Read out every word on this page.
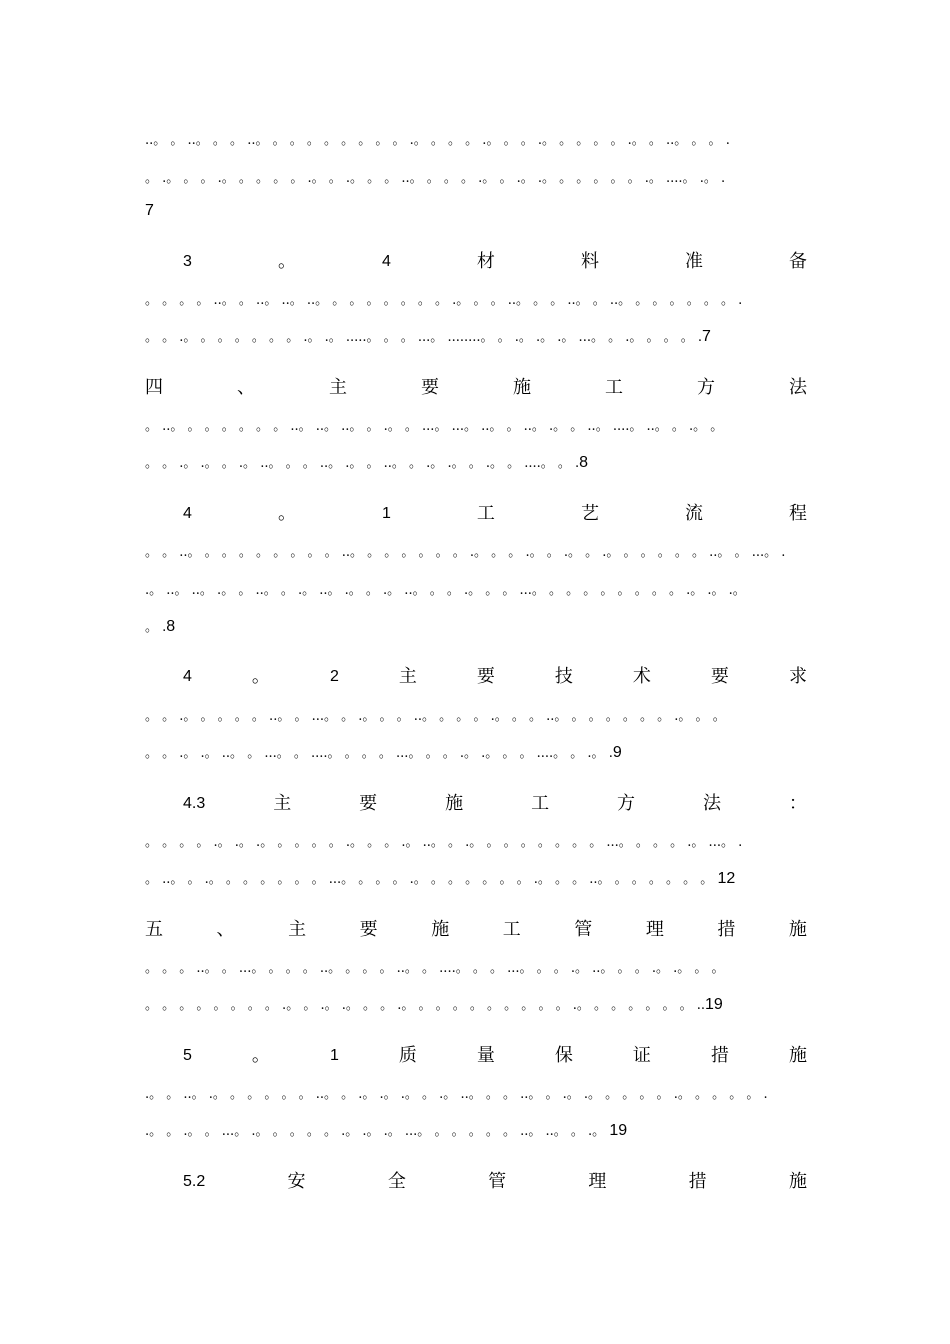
..。 。 ..。 。 。 ..。 。 。 。 。 。 。 。 。 .。 。 。 。 .。 。 。 .。 。 。 。 。 .。 。 ..。 。 。 .
。 .。 。 。 .。 。 。 。 。 .。 。 .。 。 。 ..。 。 。 。 .。 。 .。 .。 。 。 。 。 。 .。 ....。 .。 .
7
3	。	4	材	料	准	备
。 。 。 。 ..。 。 ..。 ..。 ..。 。 。 。 。 。 。 。 .。 。 。 ..。 。 。 ..。 。 ..。 。 。 。 。 。 。 .
。 。 .。 。 。 。 。 。 。 .。 .。 .....。 。 。 ...。 ........。 。 .。 .。 .。 ...。 。 .。 。 。 。 .7
四	、	主	要	施	工	方	法
。 ..。 。 。 。 。 。 。 ..。 ..。 ..。 。 .。 。 ...。 ...。 ..。 。 ..。 .。 。 ..。 ....。 ..。 。 .。 。
。 。 .。 .。 。 .。 ..。 。 。 ..。 .。 。 ..。 。 .。 .。 。 .。 。 ....。 。 .8
4	。	1	工	艺	流	程
。 。 ..。 。 。 。 。 。 。 。 。 ..。 。 。 。 。 。 。 .。 。 。 .。 。 .。 。 .。 。 。 。 。 。 ..。 。 ...。 .
.。 ..。 ..。 .。 。 ..。 。 .。 ..。 .。 。 .。 ..。 。 。 .。 。 。 ...。 。 。 。 。 。 。 。 。 .。 .。 .。
。 .8
4	。	2	主	要	技	术	要	求
。 。 .。 。 。 。 。 ..。 。 ...。 。 .。 。 。 ..。 。 。 。 .。 。 。 ..。 。 。 。 。 。 。 .。 。 。
。 。 .。 .。 ..。 。 ...。 。 ....。 。 。 。 ...。 。 。 .。 .。 。 。 ....。 。 .。 .9
4.3	主	要	施	工	方	法	：
。 。 。 。 .。 .。 .。 。 。 。 。 .。 。 。 .。 ..。 。 .。 。 。 。 。 。 。 。 ...。 。 。 。 .。 ...。 .
。 ..。 。 .。 。 。 。 。 。 。 ...。 。 。 。 .。 。 。 。 。 。 。 .。 。 。 ..。 。 。 。 。 。 。 12
五	、	主	要	施	工	管	理	措	施
。 。 。 ..。 。 ...。 。 。 。 ..。 。 。 。 ..。 。 ....。 。 。 ...。 。 。 .。 ..。 。 。 .。 .。 。 。
。 。 。 。 。 。 。 。 .。 。 .。 .。 。 。 .。 。 。 。 。 。 。 。 。 。 .。 。 。 。 。 。 。 ..19
5	。	1	质	量	保	证	措	施
.。 。 ..。 .。 。 。 。 。 。 ..。 。 .。 .。 .。 。 .。 ..。 。 。 ..。 。 .。 .。 。 。 。 。 .。 。 。 。 。 .
.。 。 .。 。 ...。 .。 。 。 。 。 .。 .。 .。 ...。 。 。 。 。 。 ..。 ..。 。 .。 19
5.2	安	全	管	理	措	施
